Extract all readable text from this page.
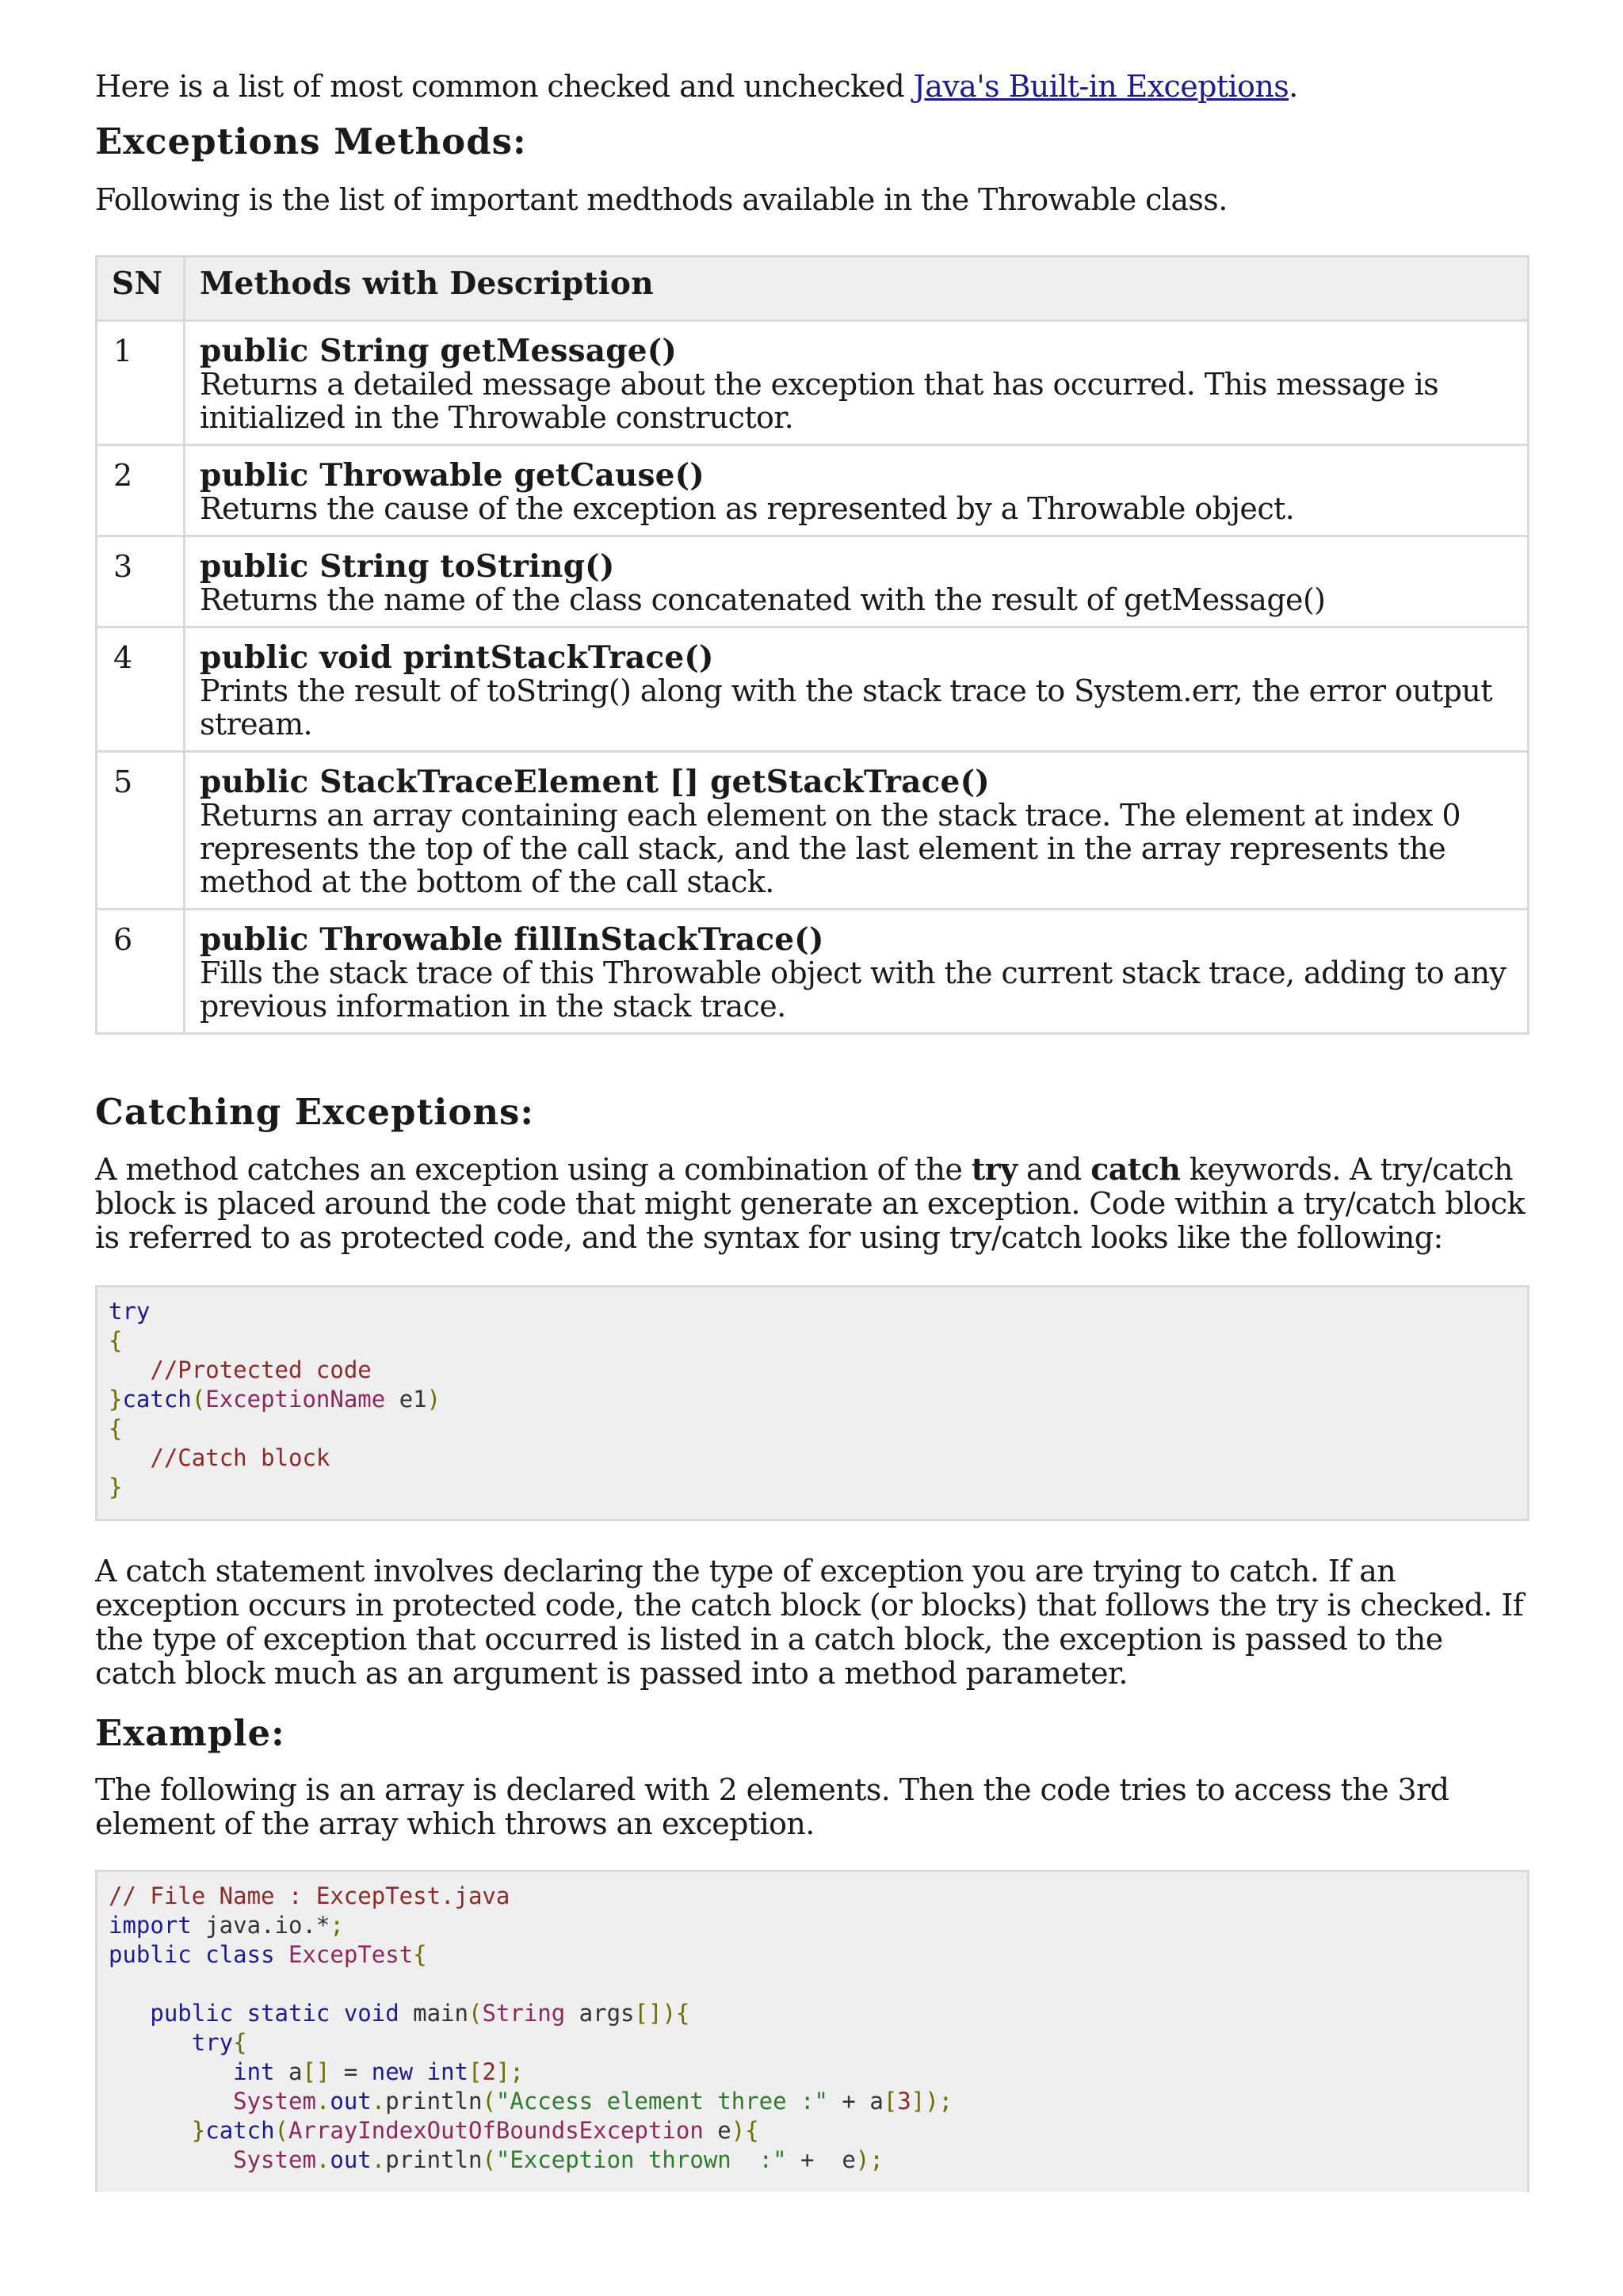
Here is a list of most common checked and unchecked Java's Built-in Exceptions.

Exceptions Methods:

Following is the list of important medthods available in the Throwable class.

SN	Methods with Description
1	public String getMessage()
Returns a detailed message about the exception that has occurred. This message is initialized in the Throwable constructor.

2	public Throwable getCause()
Returns the cause of the exception as represented by a Throwable object.

3	public String toString()
Returns the name of the class concatenated with the result of getMessage()

4	public void printStackTrace()
Prints the result of toString() along with the stack trace to System.err, the error output stream.

5	public StackTraceElement [] getStackTrace()
Returns an array containing each element on the stack trace. The element at index 0 represents the top of the call stack, and the last element in the array represents the method at the bottom of the call stack.

6	public Throwable fillInStackTrace()
Fills the stack trace of this Throwable object with the current stack trace, adding to any previous information in the stack trace.
Catching Exceptions:

A method catches an exception using a combination of the try and catch keywords. A try/catch block is placed around the code that might generate an exception. Code within a try/catch block is referred to as protected code, and the syntax for using try/catch looks like the following:

try
{
//Protected code
}catch(ExceptionName e1)
{
//Catch block
}

A catch statement involves declaring the type of exception you are trying to catch. If an exception occurs in protected code, the catch block (or blocks) that follows the try is checked. If the type of exception that occurred is listed in a catch block, the exception is passed to the catch block much as an argument is passed into a method parameter.

Example:

The following is an array is declared with 2 elements. Then the code tries to access the 3rd element of the array which throws an exception.

// File Name : ExcepTest.java
import java.io.*;
public class ExcepTest{

public static void main(String args[]){
try{
int a[] = new int[2];
System.out.println("Access element three :" + a[3]);
}catch(ArrayIndexOutOfBoundsException e){
System.out.println("Exception thrown  :" +  e);
